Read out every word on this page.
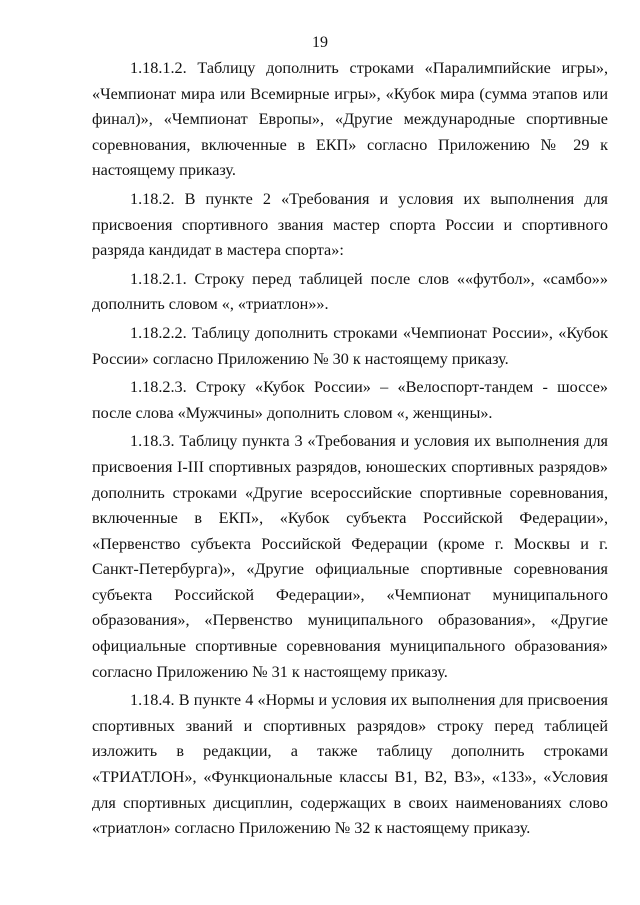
19

1.18.1.2. Таблицу дополнить строками «Паралимпийские игры», «Чемпионат мира или Всемирные игры», «Кубок мира (сумма этапов или финал)», «Чемпионат Европы», «Другие международные спортивные соревнования, включенные в ЕКП» согласно Приложению № 29 к настоящему приказу.

1.18.2. В пункте 2 «Требования и условия их выполнения для присвоения спортивного звания мастер спорта России и спортивного разряда кандидат в мастера спорта»:

1.18.2.1. Строку перед таблицей после слов ««футбол», «самбо»» дополнить словом «, «триатлон»».

1.18.2.2. Таблицу дополнить строками «Чемпионат России», «Кубок России» согласно Приложению № 30 к настоящему приказу.

1.18.2.3. Строку «Кубок России» – «Велоспорт-тандем - шоссе» после слова «Мужчины» дополнить словом «, женщины».

1.18.3. Таблицу пункта 3 «Требования и условия их выполнения для присвоения I-III спортивных разрядов, юношеских спортивных разрядов» дополнить строками «Другие всероссийские спортивные соревнования, включенные в ЕКП», «Кубок субъекта Российской Федерации», «Первенство субъекта Российской Федерации (кроме г. Москвы и г. Санкт-Петербурга)», «Другие официальные спортивные соревнования субъекта Российской Федерации», «Чемпионат муниципального образования», «Первенство муниципального образования», «Другие официальные спортивные соревнования муниципального образования» согласно Приложению № 31 к настоящему приказу.

1.18.4. В пункте 4 «Нормы и условия их выполнения для присвоения спортивных званий и спортивных разрядов» строку перед таблицей изложить в редакции, а также таблицу дополнить строками «ТРИАТЛОН», «Функциональные классы В1, В2, В3», «133», «Условия для спортивных дисциплин, содержащих в своих наименованиях слово «триатлон» согласно Приложению № 32 к настоящему приказу.
